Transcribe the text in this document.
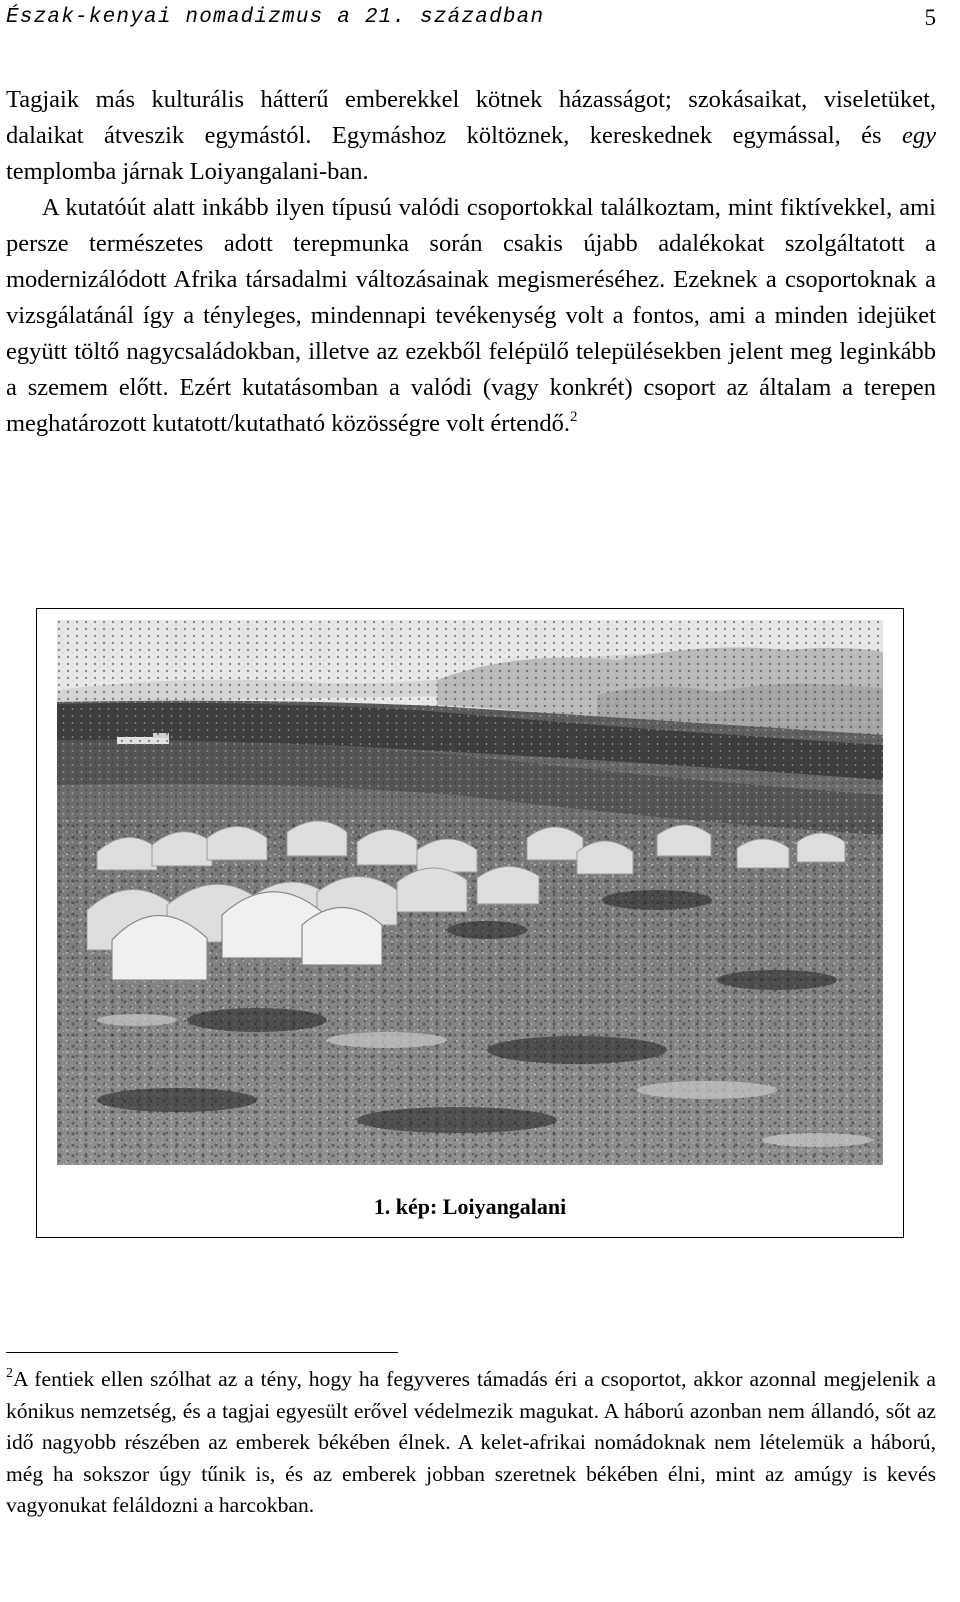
Észak-kenyai nomadizmus a 21. században	5

Tagjaik más kulturális hátterű emberekkel kötnek házasságot; szokásaikat, viseletüket, dalaikat átveszik egymástól. Egymáshoz költöznek, kereskednek egymással, és egy templomba járnak Loiyangalani-ban.

A kutatóút alatt inkább ilyen típusú valódi csoportokkal találkoztam, mint fiktívekkel, ami persze természetes adott terepmunka során csakis újabb adalékokat szolgáltatott a modernizálódott Afrika társadalmi változásainak megismeréséhez. Ezeknek a csoportoknak a vizsgálatánál így a tényleges, mindennapi tevékenység volt a fontos, ami a minden idejüket együtt töltő nagycsaládokban, illetve az ezekből felépülő településekben jelent meg leginkább a szemem előtt. Ezért kutatásomban a valódi (vagy konkrét) csoport az általam a terepen meghatározott kutatott/kutatható közösségre volt értendő.$^2$

1. kép: Loiyangalani

$^2$A fentiek ellen szólhat az a tény, hogy ha fegyveres támadás éri a csoportot, akkor azonnal megjelenik a kónikus nemzetség, és a tagjai egyesült erővel védelmezik magukat. A háború azonban nem állandó, sőt az idő nagyobb részében az emberek békében élnek. A kelet-afrikai nomádoknak nem lételemük a háború, még ha sokszor úgy tűnik is, és az emberek jobban szeretnek békében élni, mint az amúgy is kevés vagyonukat feláldozni a harcokban.
